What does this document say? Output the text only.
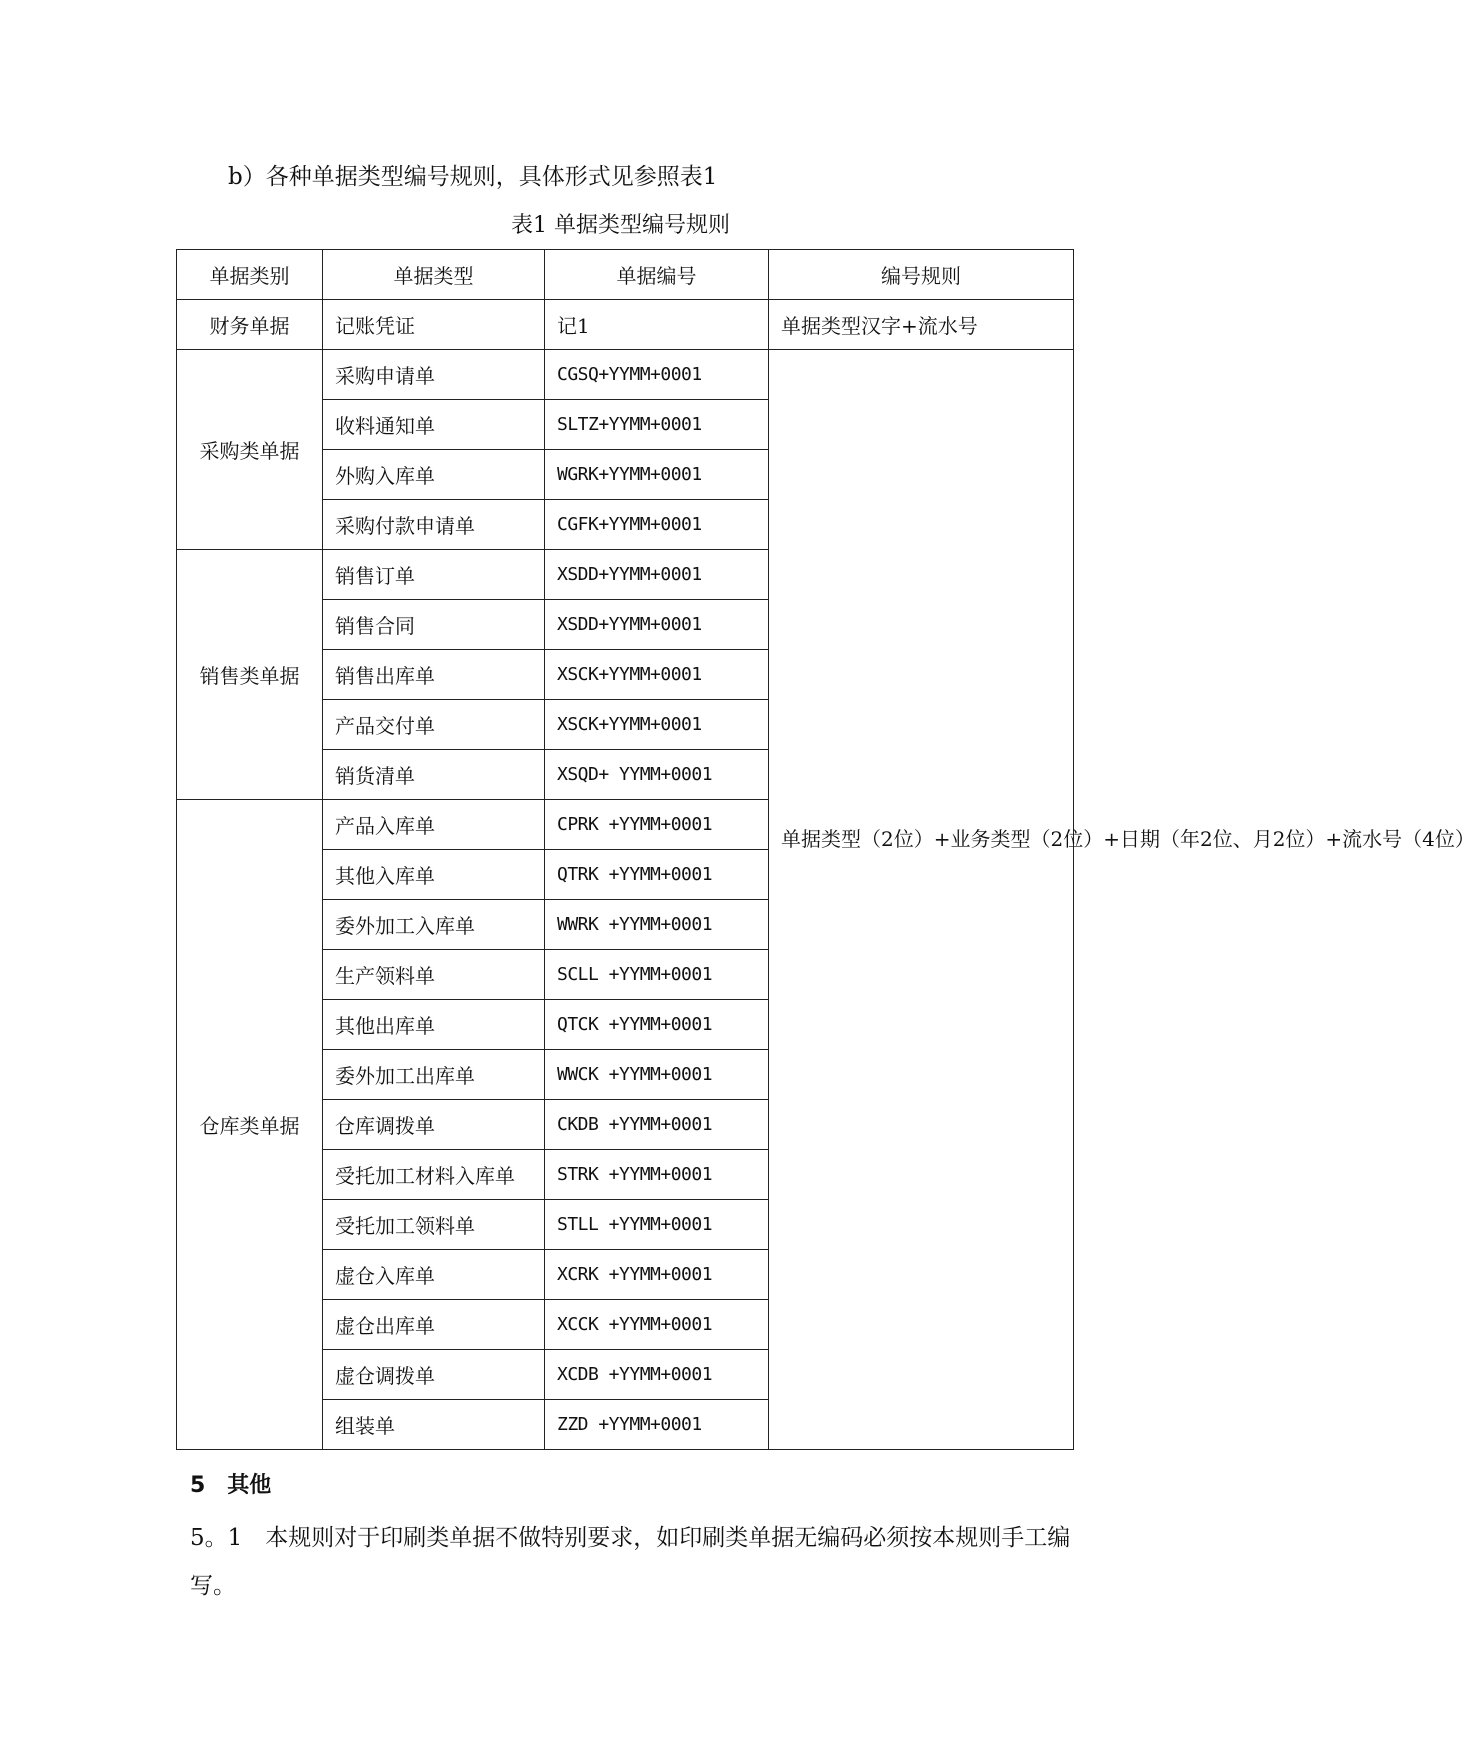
b）各种单据类型编号规则，具体形式见参照表1
表1 单据类型编号规则
单据类别	单据类型	单据编号	编号规则
财务单据	记账凭证	记1	单据类型汉字+流水号
采购类单据	采购申请单	CGSQ+YYMM+0001	单据类型（2位）+业务类型（2位）+日期（年2位、月2位）+流水号（4位）
	收料通知单	SLTZ+YYMM+0001	
	外购入库单	WGRK+YYMM+0001	
	采购付款申请单	CGFK+YYMM+0001	
销售类单据	销售订单	XSDD+YYMM+0001	
	销售合同	XSDD+YYMM+0001	
	销售出库单	XSCK+YYMM+0001	
	产品交付单	XSCK+YYMM+0001	
	销货清单	XSQD+ YYMM+0001	
仓库类单据	产品入库单	CPRK +YYMM+0001	
	其他入库单	QTRK +YYMM+0001	
	委外加工入库单	WWRK +YYMM+0001	
	生产领料单	SCLL +YYMM+0001	
	其他出库单	QTCK +YYMM+0001	
	委外加工出库单	WWCK +YYMM+0001	
	仓库调拨单	CKDB +YYMM+0001	
	受托加工材料入库单	STRK +YYMM+0001	
	受托加工领料单	STLL +YYMM+0001	
	虚仓入库单	XCRK +YYMM+0001	
	虚仓出库单	XCCK +YYMM+0001	
	虚仓调拨单	XCDB +YYMM+0001	
	组装单	ZZD +YYMM+0001	
5　其他
5。1　本规则对于印刷类单据不做特别要求，如印刷类单据无编码必须按本规则手工编写。
